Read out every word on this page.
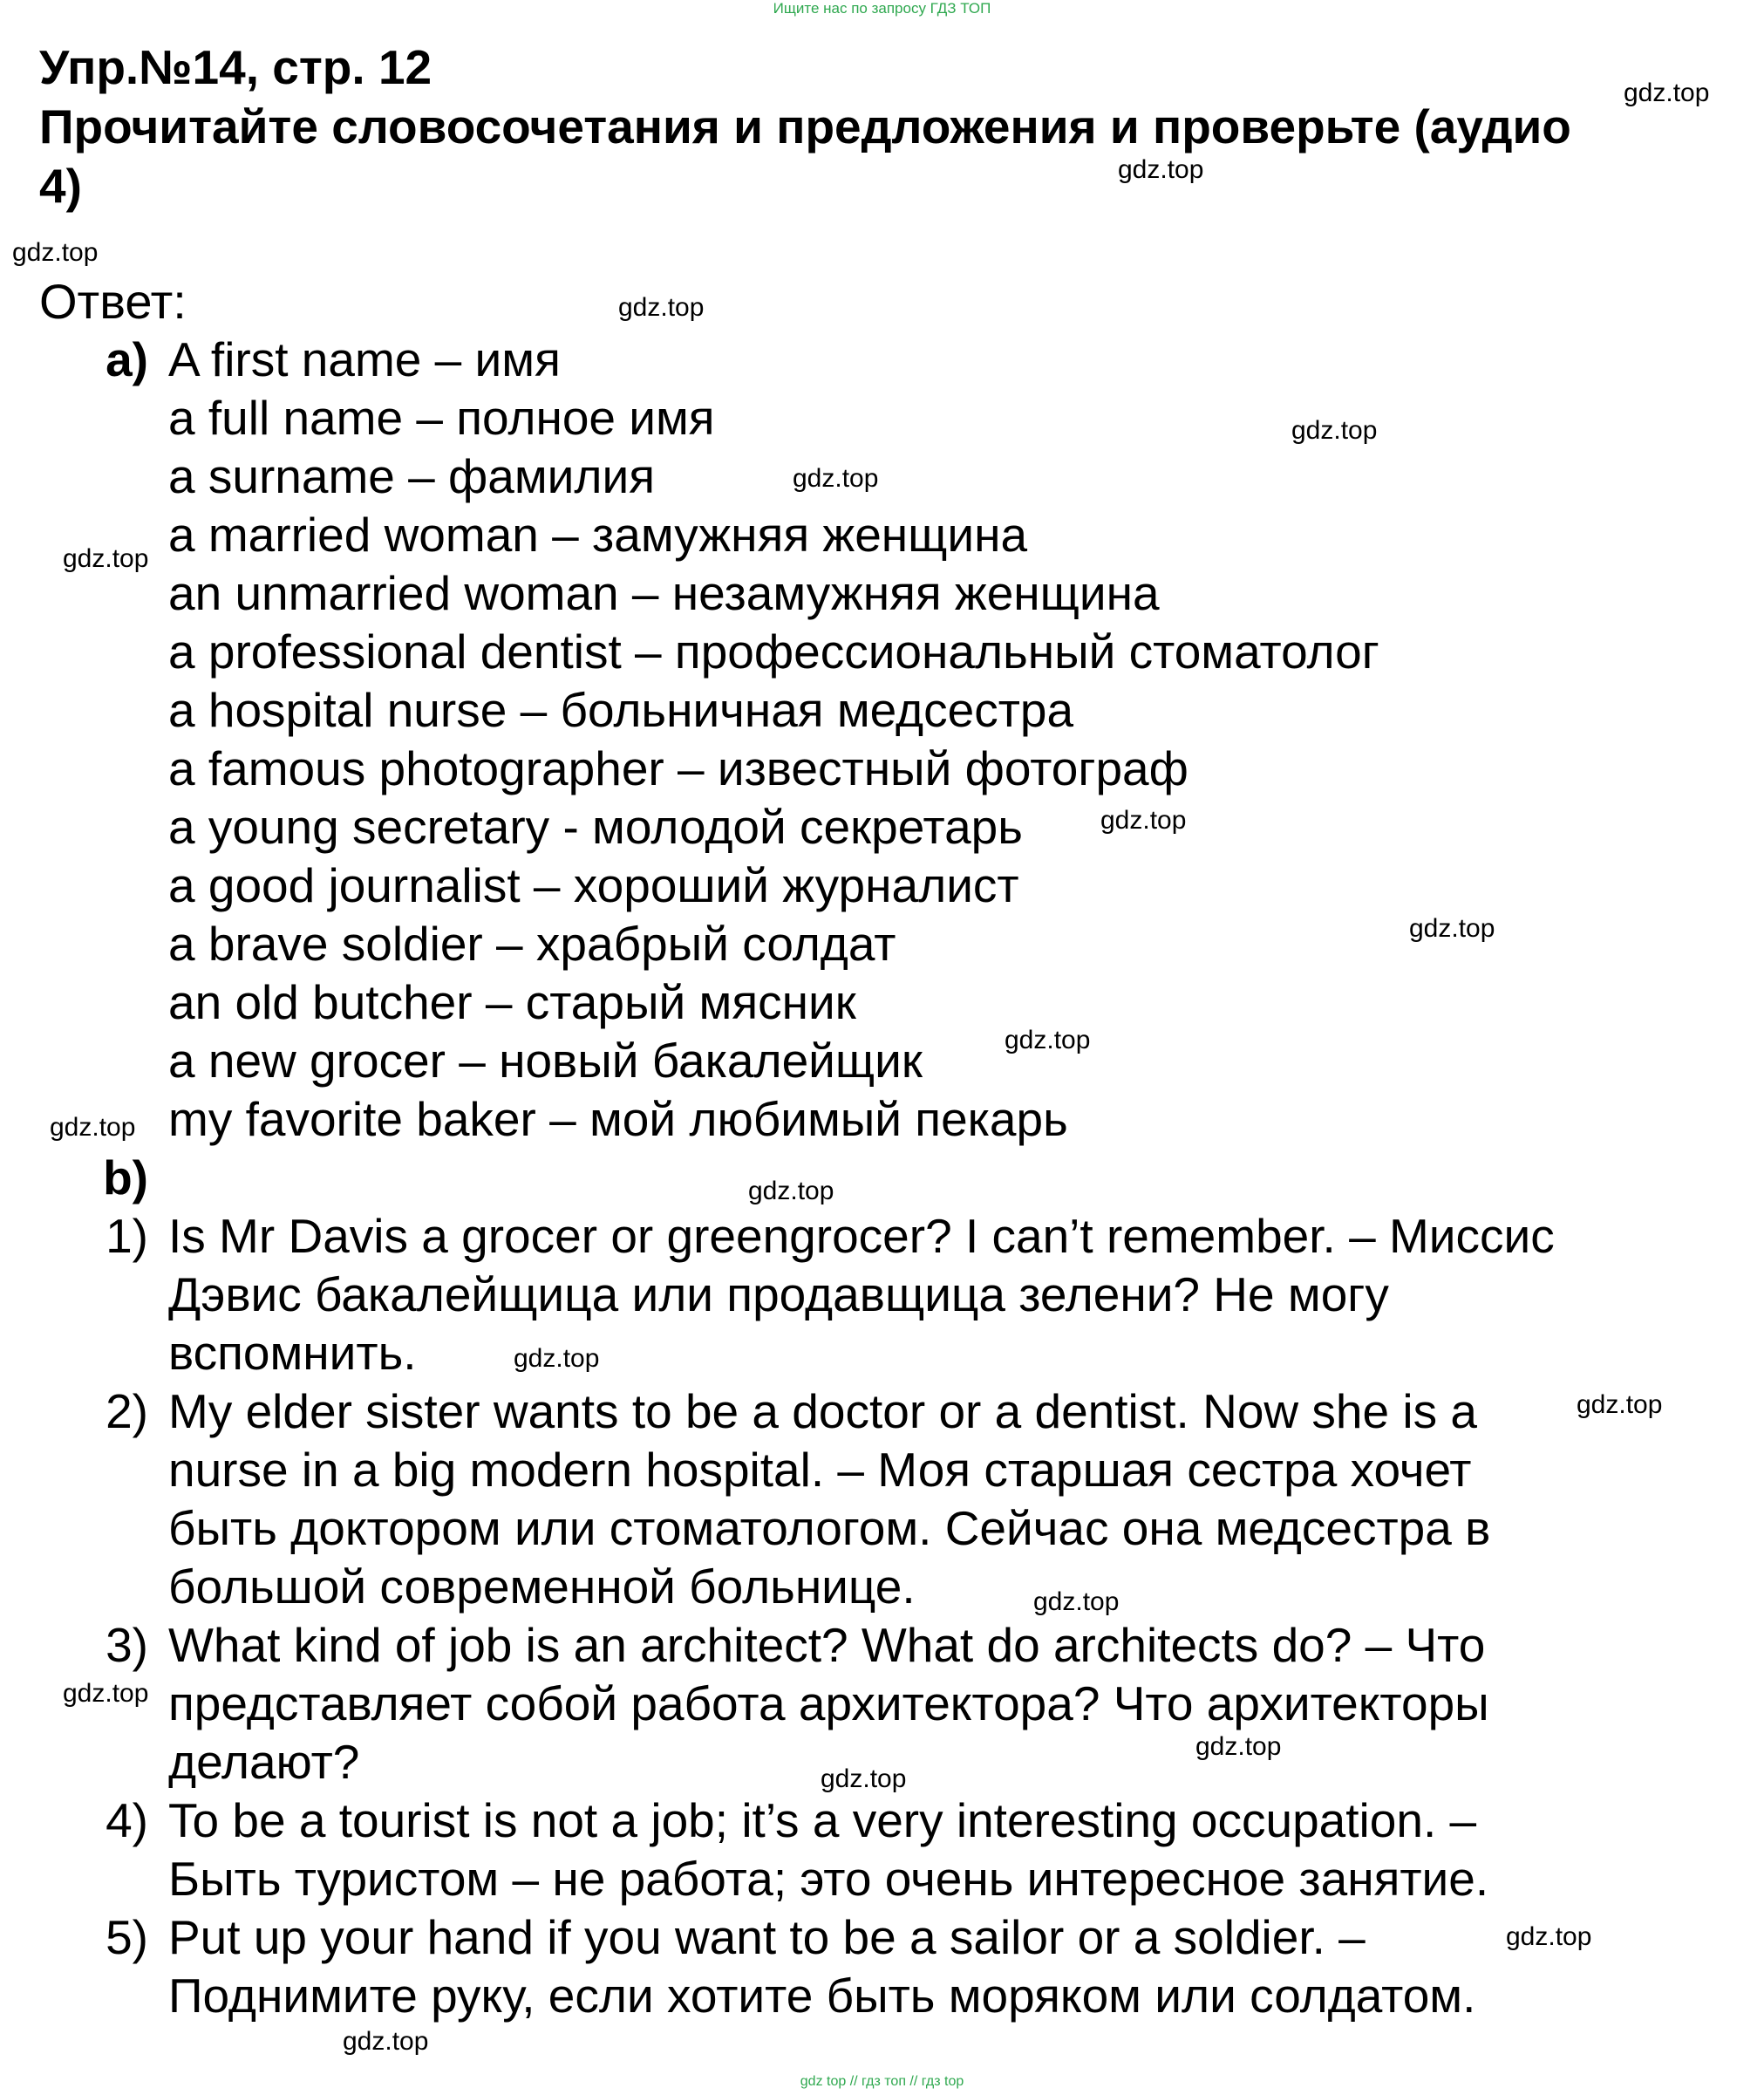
Ищите нас по запросу ГДЗ ТОП
Упр.№14, стр. 12
Прочитайте словосочетания и предложения и проверьте (аудио
4)
Ответ:
a) A first name – имя
a full name – полное имя
a surname – фамилия
a married woman – замужняя женщина
an unmarried woman – незамужняя женщина
a professional dentist – профессиональный стоматолог
a hospital nurse – больничная медсестра
a famous photographer – известный фотограф
a young secretary - молодой секретарь
a good journalist – хороший журналист
a brave soldier – храбрый солдат
an old butcher – старый мясник
a new grocer – новый бакалейщик
my favorite baker – мой любимый пекарь
b)
1) Is Mr Davis a grocer or greengrocer? I can’t remember. – Миссис
Дэвис бакалейщица или продавщица зелени? Не могу
вспомнить.
2) My elder sister wants to be a doctor or a dentist. Now she is a
nurse in a big modern hospital. – Моя старшая сестра хочет
быть доктором или стоматологом. Сейчас она медсестра в
большой современной больнице.
3) What kind of job is an architect? What do architects do? – Что
представляет собой работа архитектора? Что архитекторы
делают?
4) To be a tourist is not a job; it’s a very interesting occupation. –
Быть туристом – не работа; это очень интересное занятие.
5) Put up your hand if you want to be a sailor or a soldier. –
Поднимите руку, если хотите быть моряком или солдатом.
gdz.top
gdz.top
gdz.top
gdz.top
gdz.top
gdz.top
gdz.top
gdz.top
gdz.top
gdz.top
gdz.top
gdz.top
gdz.top
gdz.top
gdz.top
gdz.top
gdz.top
gdz.top
gdz.top
gdz.top
gdz top // гдз топ // гдз top
